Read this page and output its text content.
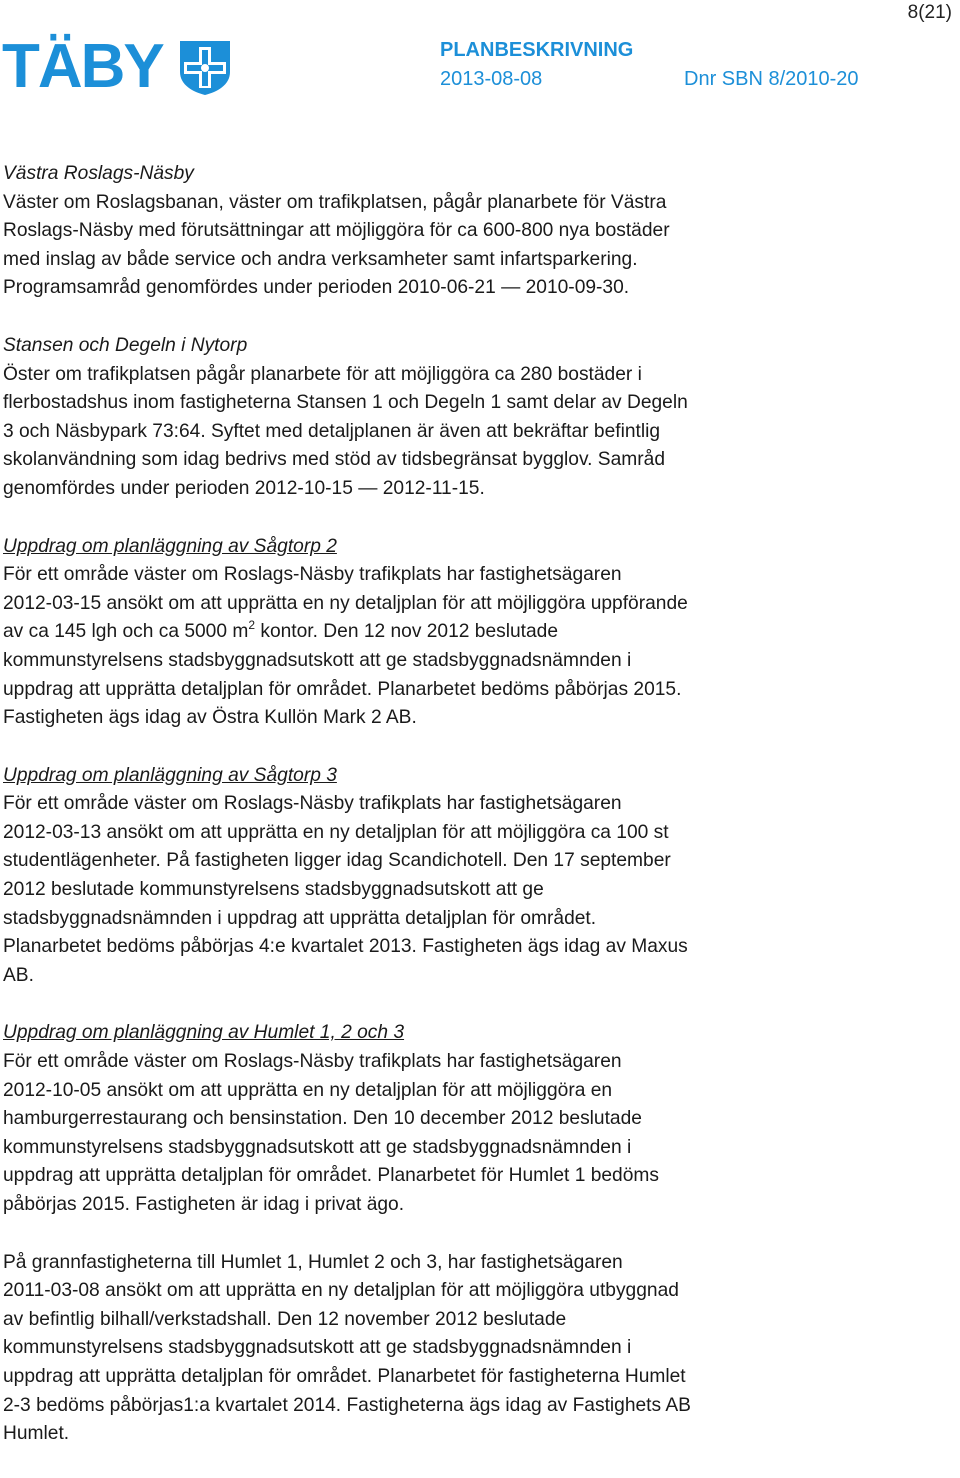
8(21)
TÄBY	PLANBESKRIVNING
2013-08-08	Dnr SBN 8/2010-20

Västra Roslags-Näsby

Väster om Roslagsbanan, väster om trafikplatsen, pågår planarbete för Västra

Roslags-Näsby med förutsättningar att möjliggöra för ca 600-800 nya bostäder

med inslag av både service och andra verksamheter samt infartsparkering.

Programsamråd genomfördes under perioden 2010-06-21 — 2010-09-30.

Stansen och Degeln i Nytorp

Öster om trafikplatsen pågår planarbete för att möjliggöra ca 280 bostäder i

flerbostadshus inom fastigheterna Stansen 1 och Degeln 1 samt delar av Degeln

3 och Näsbypark 73:64. Syftet med detaljplanen är även att bekräftar befintlig

skolanvändning som idag bedrivs med stöd av tidsbegränsat bygglov. Samråd

genomfördes under perioden 2012-10-15 — 2012-11-15.

Uppdrag om planläggning av Sågtorp 2

För ett område väster om Roslags-Näsby trafikplats har fastighetsägaren

2012-03-15 ansökt om att upprätta en ny detaljplan för att möjliggöra uppförande

av ca 145 lgh och ca 5000 $m^2$ kontor. Den 12 nov 2012 beslutade

kommunstyrelsens stadsbyggnadsutskott att ge stadsbyggnadsnämnden i

uppdrag att upprätta detaljplan för området. Planarbetet bedöms påbörjas 2015.

Fastigheten ägs idag av Östra Kullön Mark 2 AB.

Uppdrag om planläggning av Sågtorp 3

För ett område väster om Roslags-Näsby trafikplats har fastighetsägaren

2012-03-13 ansökt om att upprätta en ny detaljplan för att möjliggöra ca 100 st

studentlägenheter. På fastigheten ligger idag Scandichotell. Den 17 september

2012 beslutade kommunstyrelsens stadsbyggnadsutskott att ge

stadsbyggnadsnämnden i uppdrag att upprätta detaljplan för området.

Planarbetet bedöms påbörjas 4:e kvartalet 2013. Fastigheten ägs idag av Maxus

AB.

Uppdrag om planläggning av Humlet 1, 2 och 3

För ett område väster om Roslags-Näsby trafikplats har fastighetsägaren

2012-10-05 ansökt om att upprätta en ny detaljplan för att möjliggöra en

hamburgerrestaurang och bensinstation. Den 10 december 2012 beslutade

kommunstyrelsens stadsbyggnadsutskott att ge stadsbyggnadsnämnden i

uppdrag att upprätta detaljplan för området. Planarbetet för Humlet 1 bedöms

påbörjas 2015. Fastigheten är idag i privat ägo.

På grannfastigheterna till Humlet 1, Humlet 2 och 3, har fastighetsägaren

2011-03-08 ansökt om att upprätta en ny detaljplan för att möjliggöra utbyggnad

av befintlig bilhall/verkstadshall. Den 12 november 2012 beslutade

kommunstyrelsens stadsbyggnadsutskott att ge stadsbyggnadsnämnden i

uppdrag att upprätta detaljplan för området. Planarbetet för fastigheterna Humlet

2-3 bedöms påbörjas1:a kvartalet 2014. Fastigheterna ägs idag av Fastighets AB

Humlet.
